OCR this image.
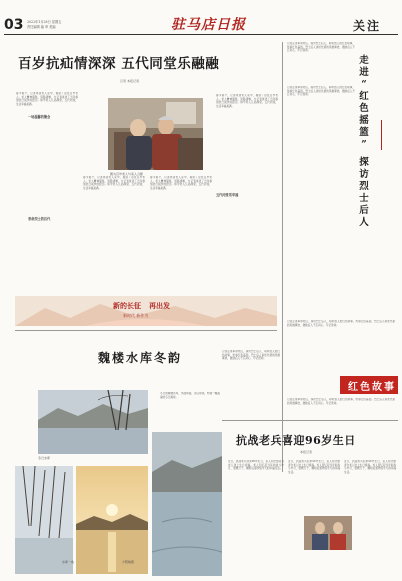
03 2022年1月28日 星期五
责任编辑 编 审 美编	驻马店日报	关注
百岁抗疝情深深 五代同堂乐融融
记者 本报记者
一场温馨的聚会
革命烈士的后代
五代同堂话幸福
春节前夕，记者来到老人家中，看望了这位百岁老人。老人精神矍铄，思路清晰，与记者讲述了当年参加抗日战争的经历。如今老人儿孙满堂，五代同堂，生活幸福美满。
春节前夕，记者来到老人家中，看望了这位百岁老人。老人精神矍铄，思路清晰，与记者讲述了当年参加抗日战争的经历。如今老人儿孙满堂，五代同堂，生活幸福美满。
春节前夕，记者来到老人家中，看望了这位百岁老人。老人精神矍铄，思路清晰，与记者讲述了当年参加抗日战争的经历。如今老人儿孙满堂，五代同堂，生活幸福美满。
春节前夕，记者来到老人家中，看望了这位百岁老人。老人精神矍铄，思路清晰，与记者讲述了当年参加抗日战争的经历。如今老人儿孙满堂，五代同堂，生活幸福美满。
图为百岁老人与家人合影
新的长征 再出发
新时代 新作为
记者走进革命老区，探访烈士后人，聆听感人的红色故事，传承红色基因。烈士后人讲述先辈的英雄事迹，激励后人不忘初心、牢记使命。
走
进
“
红
色
摇
篮
”
探
访
烈
士
后
人
记者走进革命老区，探访烈士后人，聆听感人的红色故事，传承红色基因。烈士后人讲述先辈的英雄事迹，激励后人不忘初心、牢记使命。
记者走进革命老区，探访烈士后人，聆听感人的红色故事，传承红色基因。烈士后人讲述先辈的英雄事迹，激励后人不忘初心、牢记使命。
记者走进革命老区，探访烈士后人，聆听感人的红色故事，传承红色基因。烈士后人讲述先辈的英雄事迹，激励后人不忘初心、牢记使命。
红色故事
记者走进革命老区，探访烈士后人，聆听感人的红色故事，传承红色基因。烈士后人讲述先辈的英雄事迹，激励后人不忘初心、牢记使命。
魏楼水库冬韵
冬日的魏楼水库，水面如镜，远山如黛，构成一幅美丽的冬日画卷。
冬日水库
水库一角	夕阳晚照
抗战老兵喜迎96岁生日
本报记者
近日，抗战老兵迎来96岁生日，家人和志愿者为老人送上生日祝福。老人回忆起当年的战斗岁月，感慨万千，嘱咐后辈珍惜今天的幸福生活。
近日，抗战老兵迎来96岁生日，家人和志愿者为老人送上生日祝福。老人回忆起当年的战斗岁月，感慨万千，嘱咐后辈珍惜今天的幸福生活。
近日，抗战老兵迎来96岁生日，家人和志愿者为老人送上生日祝福。老人回忆起当年的战斗岁月，感慨万千，嘱咐后辈珍惜今天的幸福生活。
